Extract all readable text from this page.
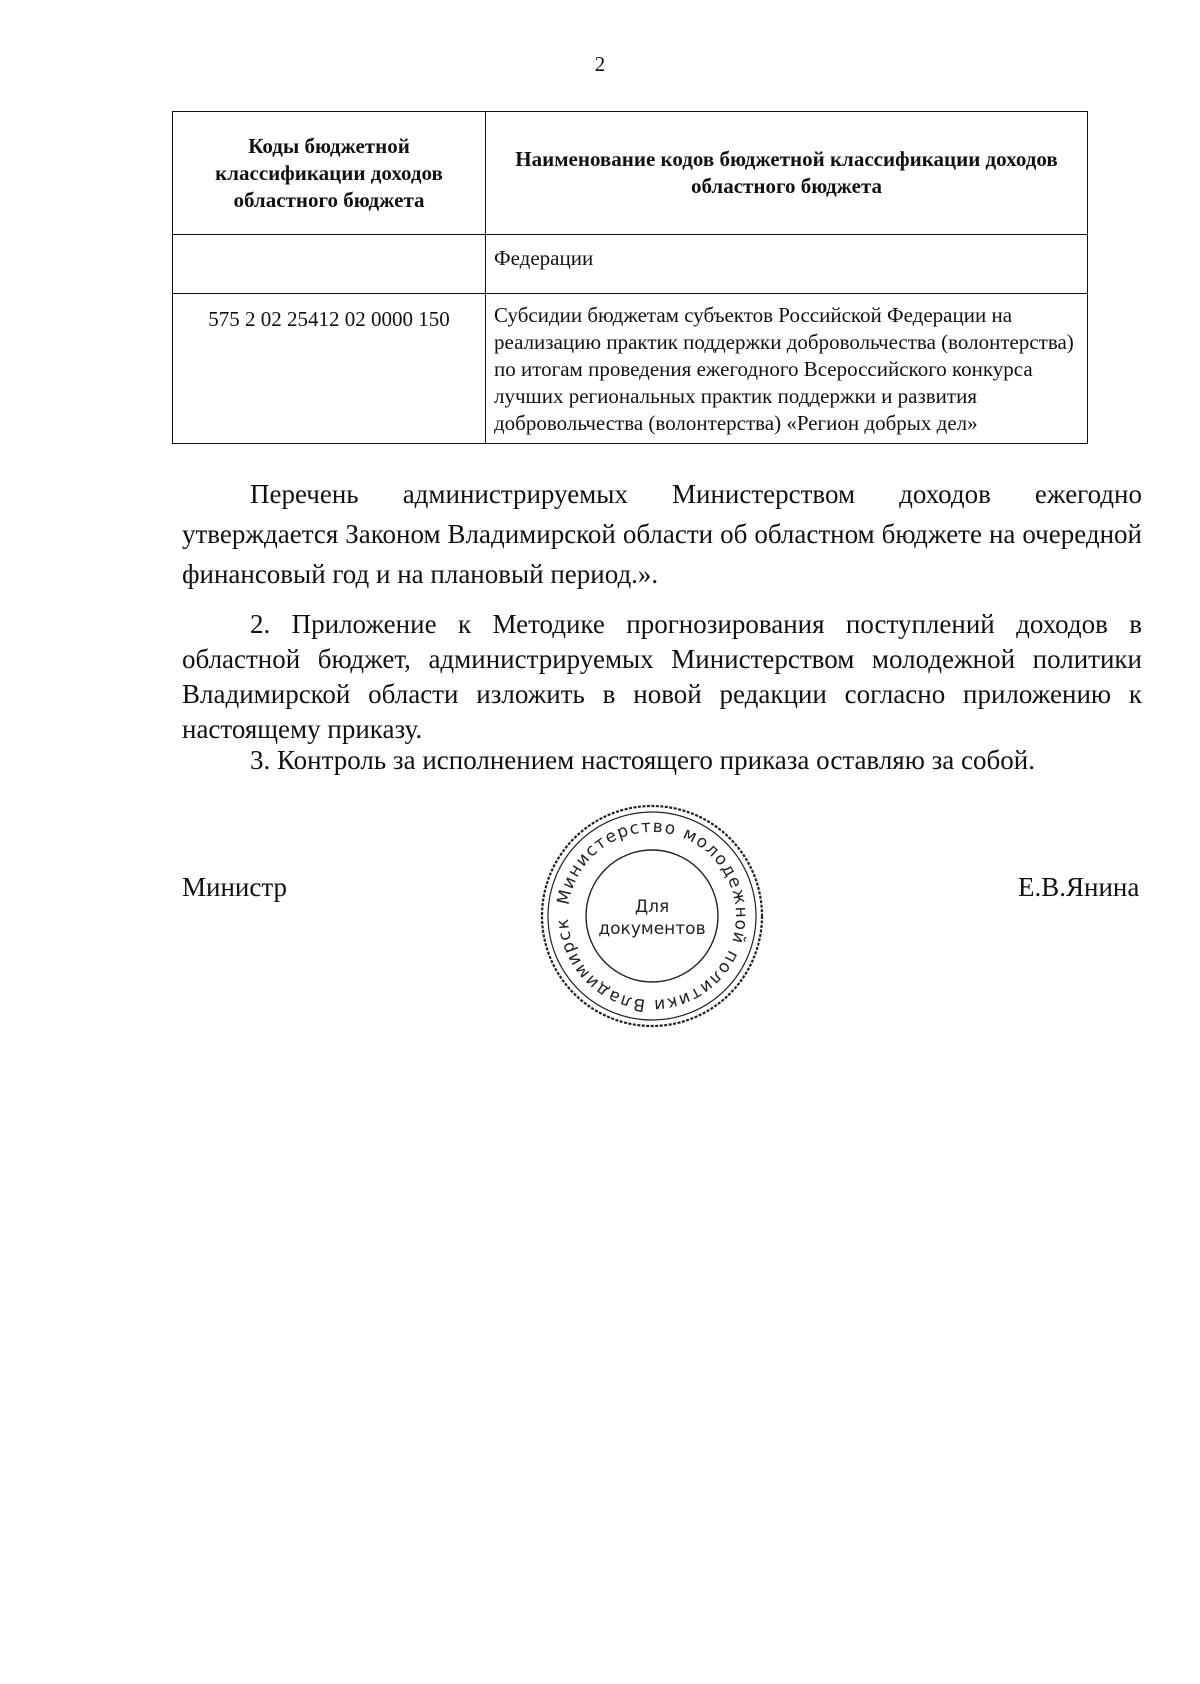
2
Коды бюджетной классификации доходов областного бюджета	Наименование кодов бюджетной классификации доходов областного бюджета
	Федерации
575 2 02 25412 02 0000 150	Субсидии бюджетам субъектов Российской Федерации на реализацию практик поддержки добровольчества (волонтерства) по итогам проведения ежегодного Всероссийского конкурса лучших региональных практик поддержки и развития добровольчества (волонтерства) «Регион добрых дел»

Перечень администрируемых Министерством доходов ежегодно утверждается Законом Владимирской области об областном бюджете на очередной финансовый год и на плановый период.».

2. Приложение к Методике прогнозирования поступлений доходов в областной бюджет, администрируемых Министерством молодежной политики Владимирской области изложить в новой редакции согласно приложению к настоящему приказу.

3. Контроль за исполнением настоящего приказа оставляю за собой.

Министр	Министерство молодежной политики Владимирск
Для
документов
Е.В.Янина
